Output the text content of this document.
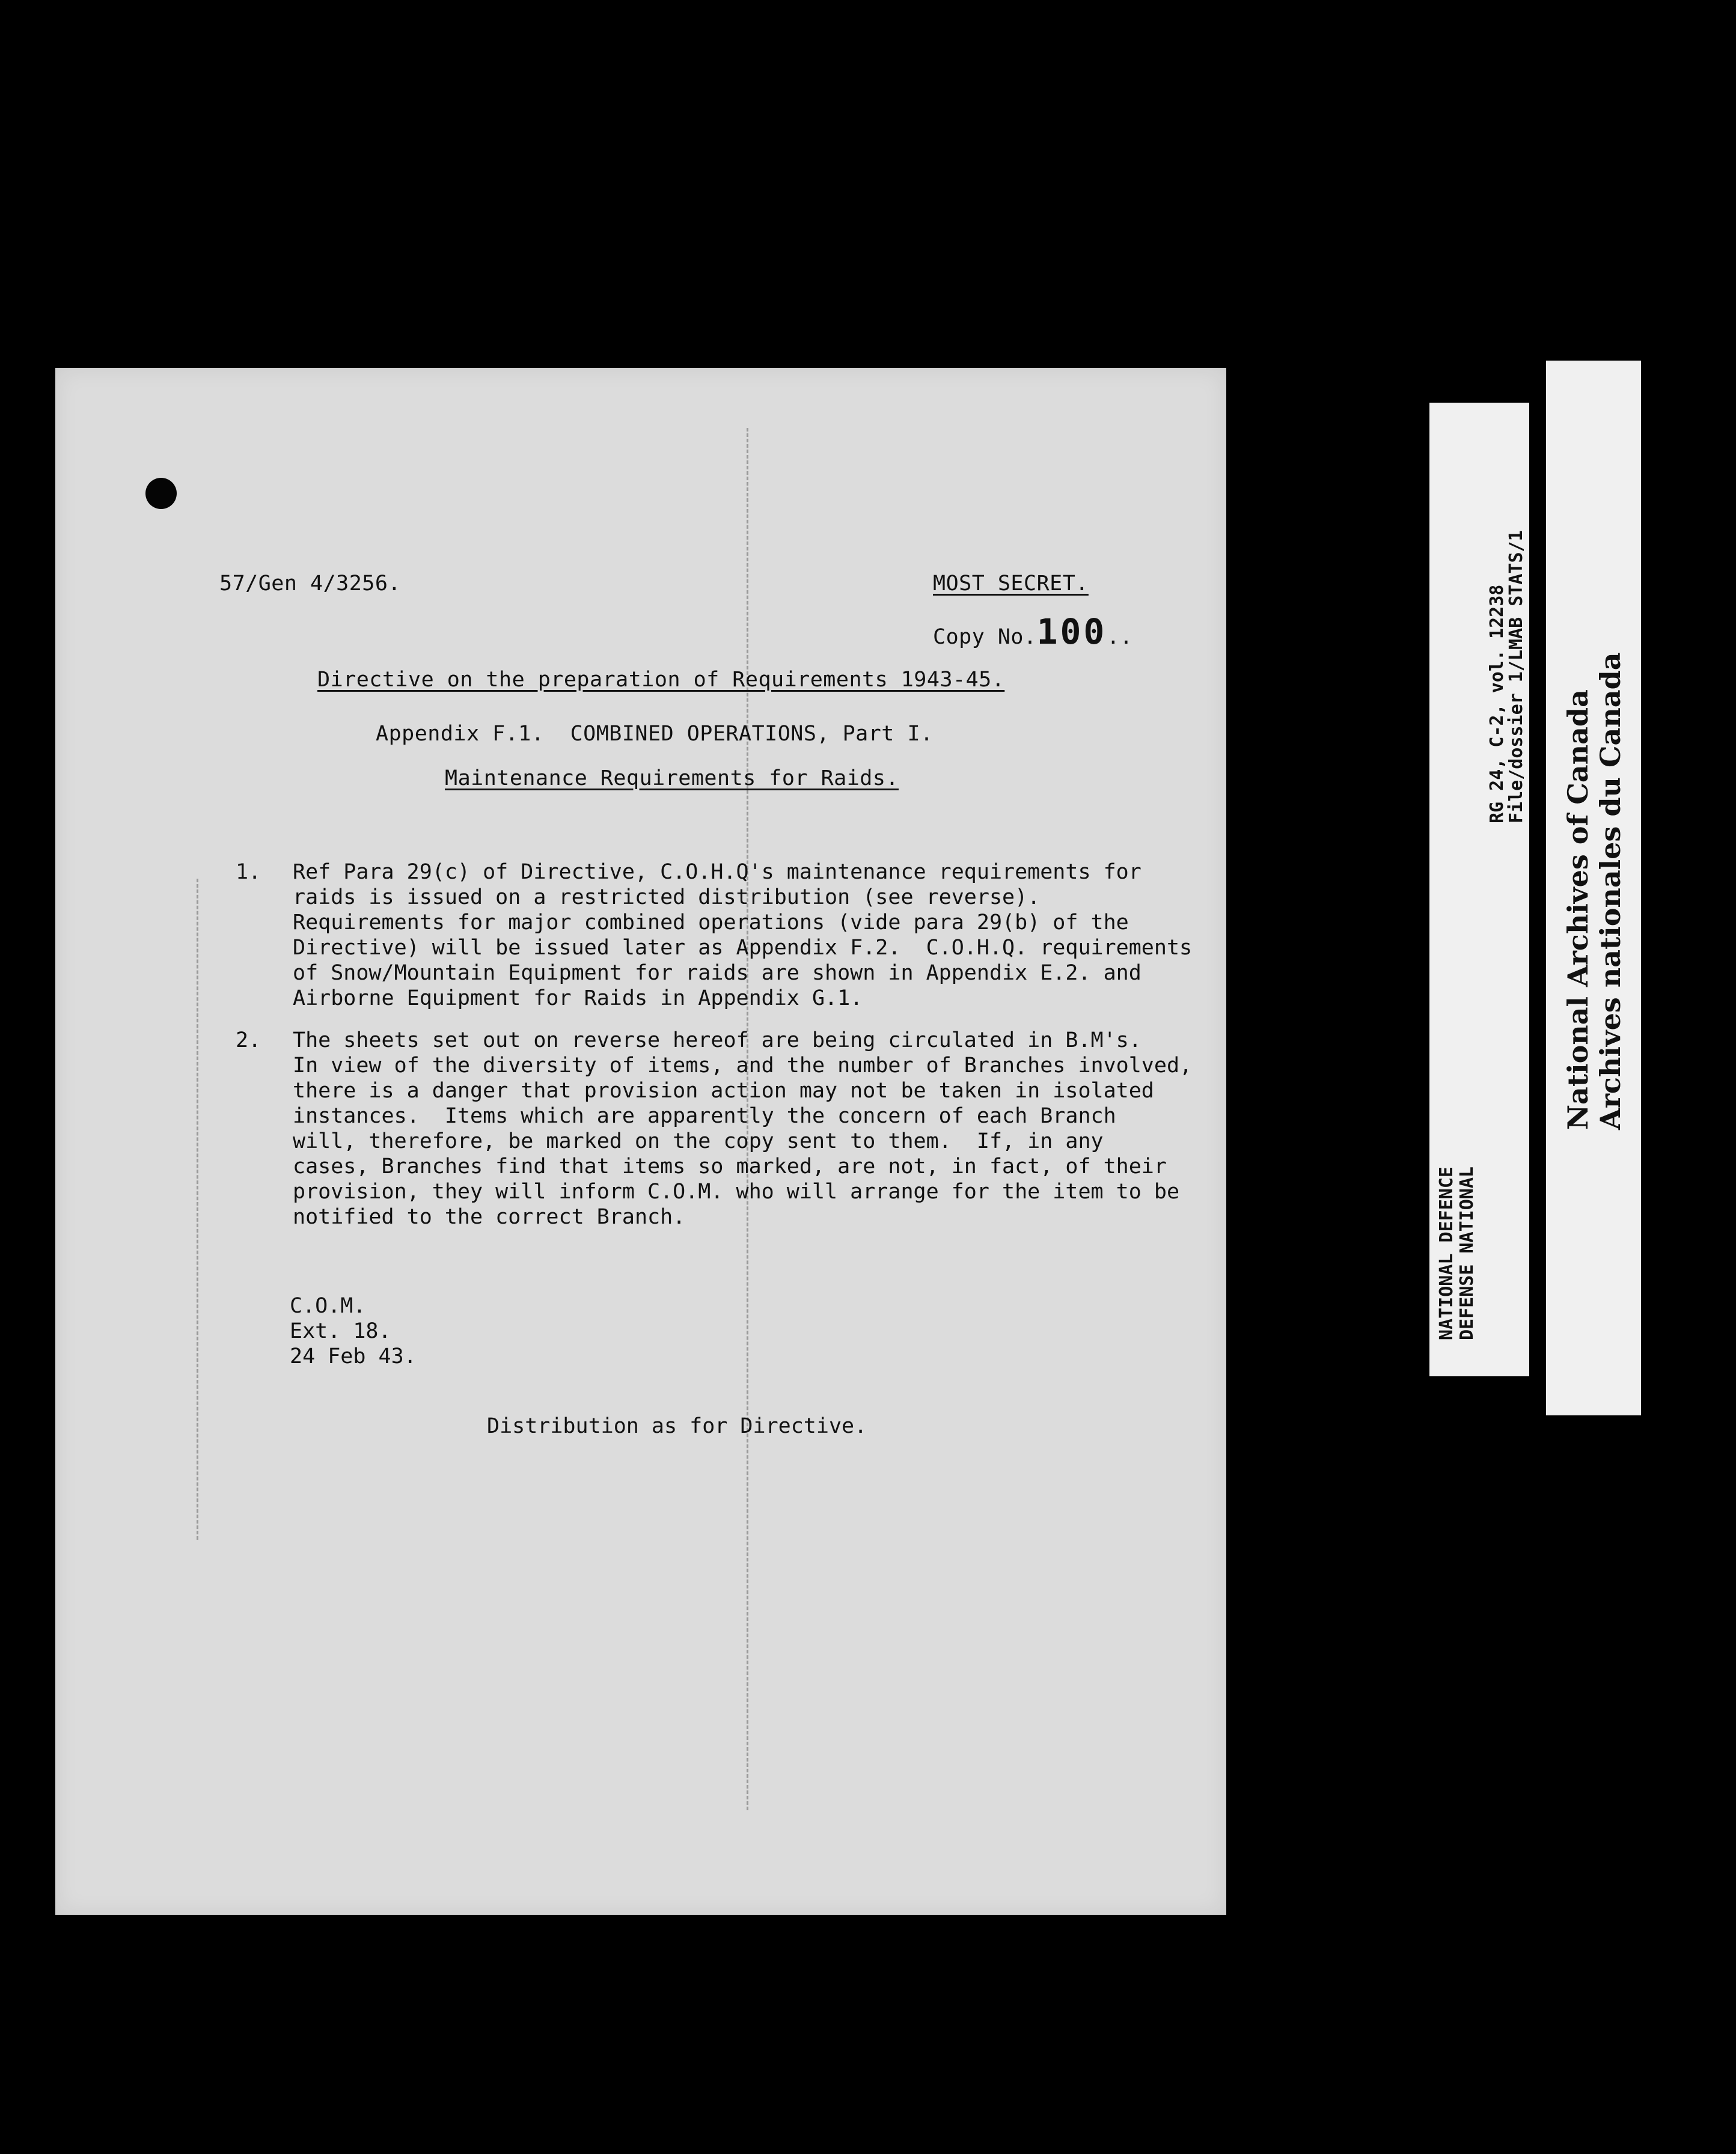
57/Gen 4/3256.	MOST SECRET.
Copy No.100..
Directive on the preparation of Requirements 1943-45.
Appendix F.1.  COMBINED OPERATIONS, Part I.
Maintenance Requirements for Raids.
1. Ref Para 29(c) of Directive, C.O.H.Q's maintenance requirements for
raids is issued on a restricted distribution (see reverse).
Requirements for major combined operations (vide para 29(b) of the
Directive) will be issued later as Appendix F.2.  C.O.H.Q. requirements
of Snow/Mountain Equipment for raids are shown in Appendix E.2. and
Airborne Equipment for Raids in Appendix G.1.
2. The sheets set out on reverse hereof are being circulated in B.M's.
In view of the diversity of items, and the number of Branches involved,
there is a danger that provision action may not be taken in isolated
instances.  Items which are apparently the concern of each Branch
will, therefore, be marked on the copy sent to them.  If, in any
cases, Branches find that items so marked, are not, in fact, of their
provision, they will inform C.O.M. who will arrange for the item to be
notified to the correct Branch.
C.O.M.
Ext. 18.
24 Feb 43.
Distribution as for Directive.
NATIONAL DEFENCE DEFENSE NATIONAL
RG 24, C-2, vol. 12238
File/dossier 1/LMAB STATS/1
National Archives of Canada Archives nationales du Canada
